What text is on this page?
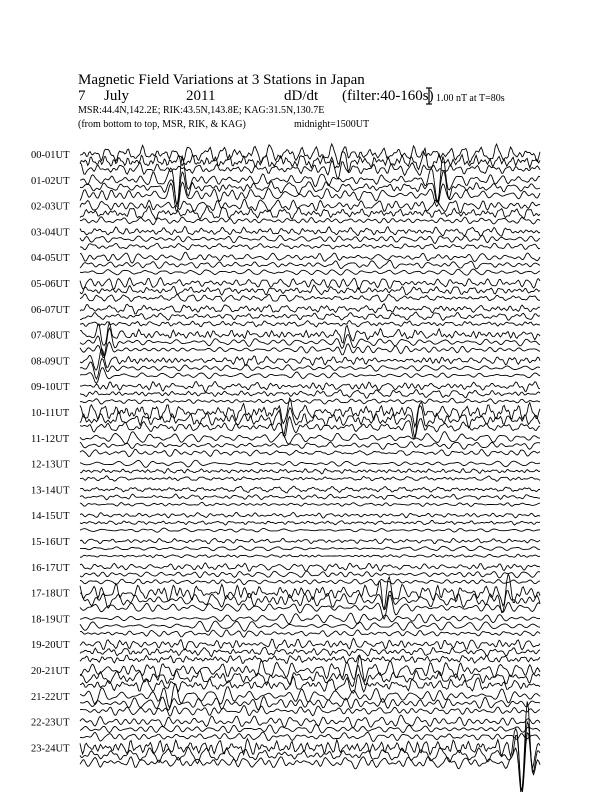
Magnetic Field Variations at 3 Stations in Japan
7 July	2011	dD/dt (filter:40-160s)
MSR:44.4N,142.2E; RIK:43.5N,143.8E; KAG:31.5N,130.7E
(from bottom to top, MSR, RIK, & KAG)	midnight=1500UT
1.00 nT at T=80s
00-01UT
01-02UT
02-03UT
03-04UT
04-05UT
05-06UT
06-07UT
07-08UT
08-09UT
09-10UT
10-11UT
11-12UT
12-13UT
13-14UT
14-15UT
15-16UT
16-17UT
17-18UT
18-19UT
19-20UT
20-21UT
21-22UT
22-23UT
23-24UT
